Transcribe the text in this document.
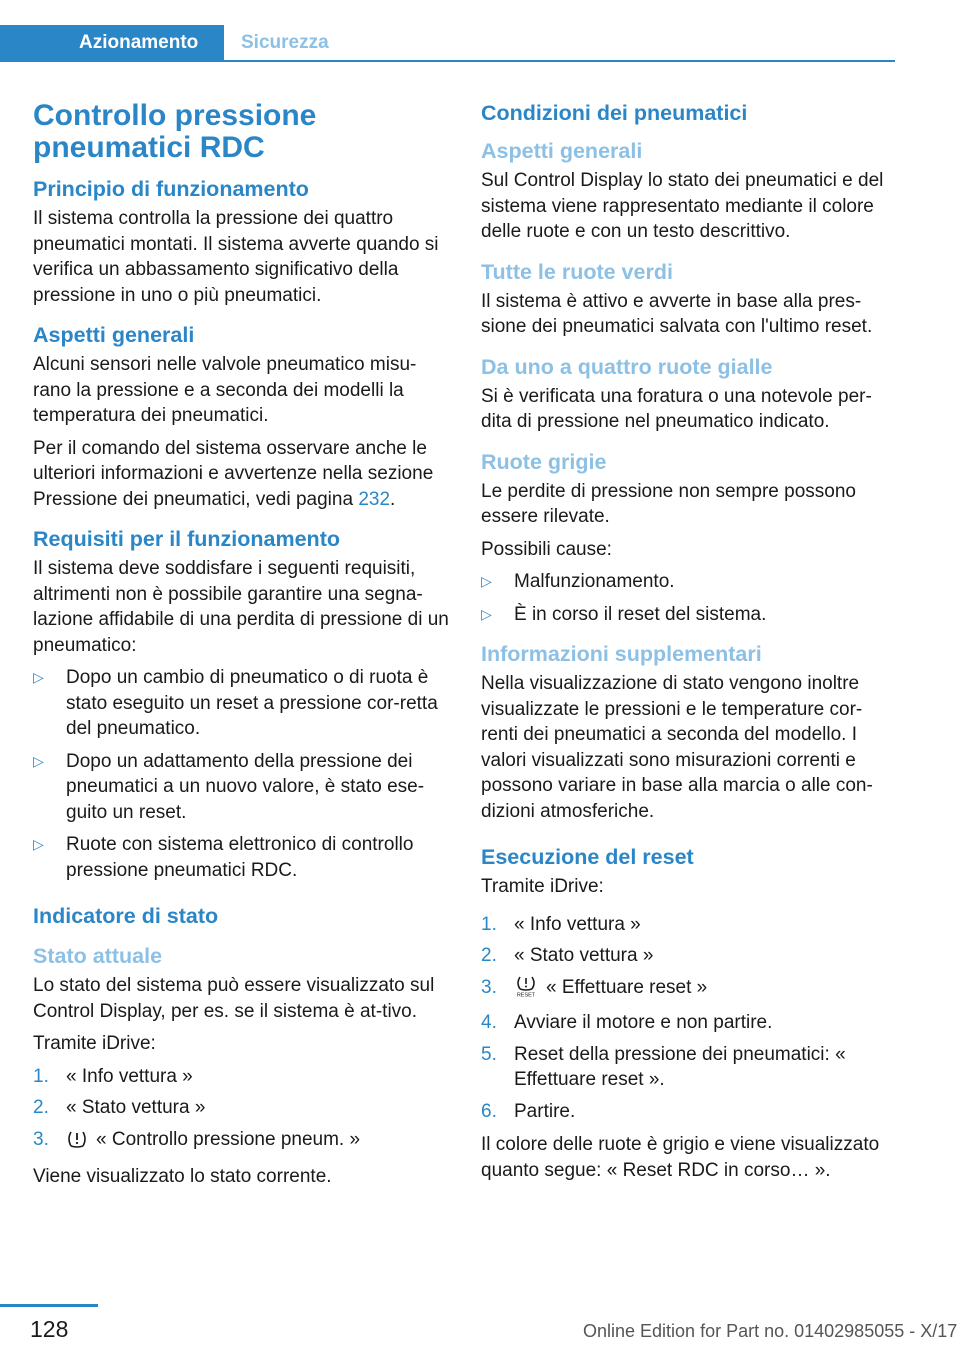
Azionamento	Sicurezza
Controllo pressione pneumatici RDC
Principio di funzionamento

Il sistema controlla la pressione dei quattro pneumatici montati. Il sistema avverte quando si verifica un abbassamento significativo della pressione in uno o più pneumatici.

Aspetti generali

Alcuni sensori nelle valvole pneumatico misu-rano la pressione e a seconda dei modelli la temperatura dei pneumatici.

Per il comando del sistema osservare anche le ulteriori informazioni e avvertenze nella sezione Pressione dei pneumatici, vedi pagina 232.

Requisiti per il funzionamento

Il sistema deve soddisfare i seguenti requisiti, altrimenti non è possibile garantire una segna-lazione affidabile di una perdita di pressione di un pneumatico:

▷ Dopo un cambio di pneumatico o di ruota è stato eseguito un reset a pressione cor-retta del pneumatico.
▷ Dopo un adattamento della pressione dei pneumatici a un nuovo valore, è stato ese-guito un reset.
▷ Ruote con sistema elettronico di controllo pressione pneumatici RDC.
Indicatore di stato
Stato attuale

Lo stato del sistema può essere visualizzato sul Control Display, per es. se il sistema è at-tivo.

Tramite iDrive:

1. « Info vettura »
2. « Stato vettura »
3. « Controllo pressione pneum. »

Viene visualizzato lo stato corrente.

Condizioni dei pneumatici
Aspetti generali

Sul Control Display lo stato dei pneumatici e del sistema viene rappresentato mediante il colore delle ruote e con un testo descrittivo.

Tutte le ruote verdi

Il sistema è attivo e avverte in base alla pres-sione dei pneumatici salvata con l'ultimo reset.

Da uno a quattro ruote gialle

Si è verificata una foratura o una notevole per-dita di pressione nel pneumatico indicato.

Ruote grigie

Le perdite di pressione non sempre possono essere rilevate.

Possibili cause:

▷ Malfunzionamento.
▷ È in corso il reset del sistema.
Informazioni supplementari

Nella visualizzazione di stato vengono inoltre visualizzate le pressioni e le temperature cor-renti dei pneumatici a seconda del modello. I valori visualizzati sono misurazioni correnti e possono variare in base alla marcia o alle con-dizioni atmosferiche.

Esecuzione del reset

Tramite iDrive:

1. « Info vettura »
2. « Stato vettura »
3.	RESET « Effettuare reset »
4. Avviare il motore e non partire.
5. Reset della pressione dei pneumatici: « Effettuare reset ».
6. Partire.

Il colore delle ruote è grigio e viene visualizzato quanto segue: « Reset RDC in corso… ».

128	Online Edition for Part no. 01402985055 - X/17
